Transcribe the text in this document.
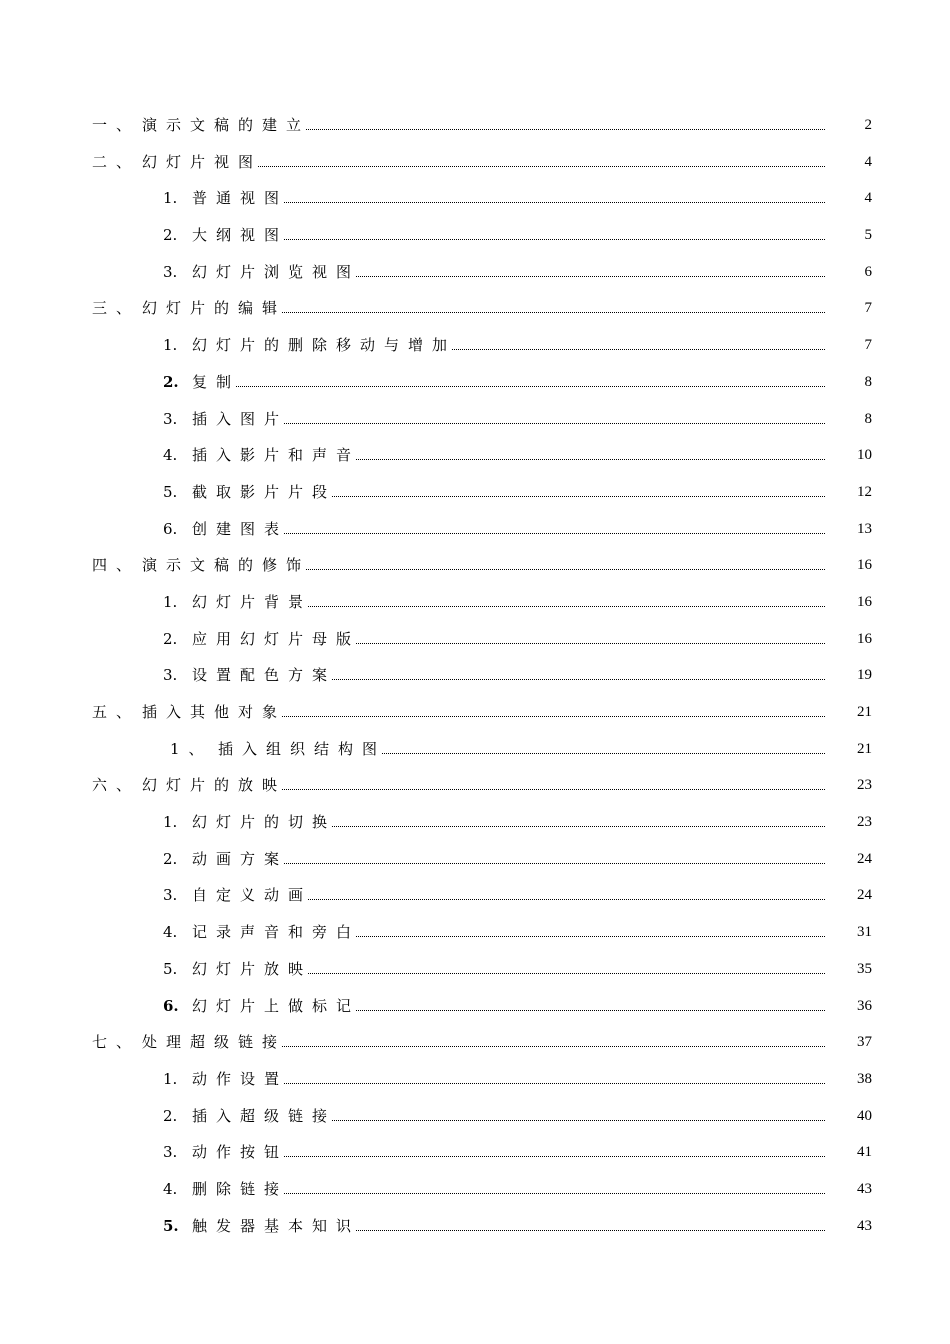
一、 演示文稿的建立	2
二、 幻灯片视图	4
1. 普通视图	4
2. 大纲视图	5
3. 幻灯片浏览视图	6
三、 幻灯片的编辑	7
1. 幻灯片的删除移动与增加	7
2. 复制	8
3. 插入图片	8
4. 插入影片和声音	10
5. 截取影片片段	12
6. 创建图表	13
四、 演示文稿的修饰	16
1. 幻灯片背景	16
2. 应用幻灯片母版	16
3. 设置配色方案	19
五、 插入其他对象	21
1、 插入组织结构图	21
六、 幻灯片的放映	23
1. 幻灯片的切换	23
2. 动画方案	24
3. 自定义动画	24
4. 记录声音和旁白	31
5. 幻灯片放映	35
6. 幻灯片上做标记	36
七、 处理超级链接	37
1. 动作设置	38
2. 插入超级链接	40
3. 动作按钮	41
4. 删除链接	43
5. 触发器基本知识	43
